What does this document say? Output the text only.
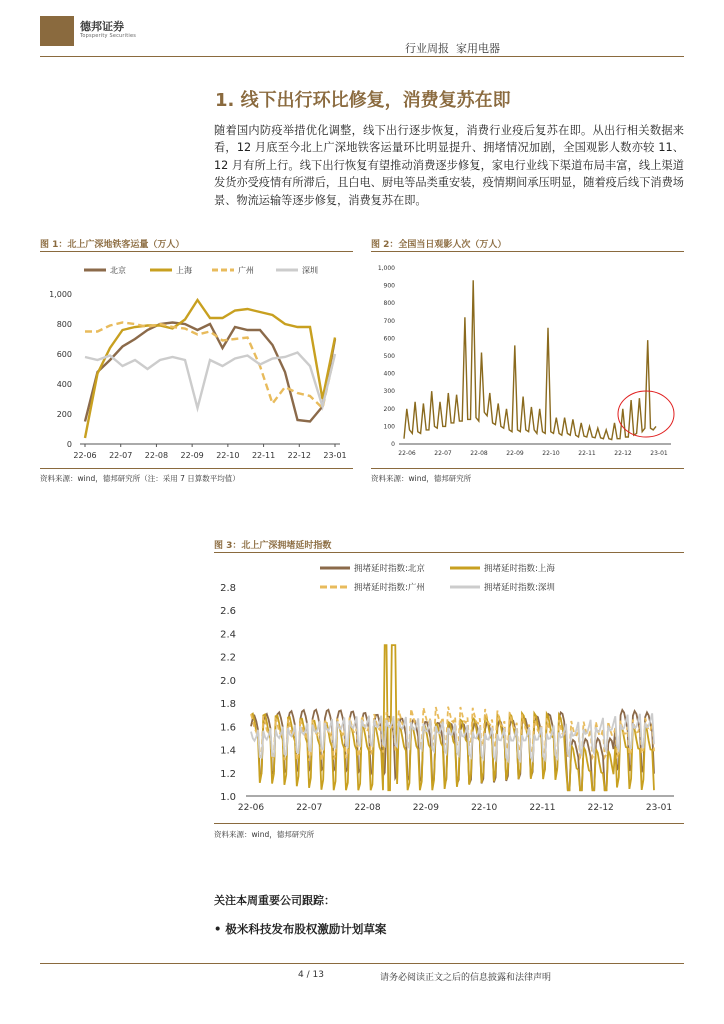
德邦证券
Topsperity Securities
行业周报 家用电器
1. 线下出行环比修复，消费复苏在即
随着国内防疫举措优化调整，线下出行逐步恢复，消费行业疫后复苏在即。从出行相关数据来看，12 月底至今北上广深地铁客运量环比明显提升、拥堵情况加剧，全国观影人数亦较 11、12 月有所上行。线下出行恢复有望推动消费逐步修复，家电行业线下渠道布局丰富，线上渠道发货亦受疫情有所滞后，且白电、厨电等品类重安装，疫情期间承压明显，随着疫后线下消费场景、物流运输等逐步修复，消费复苏在即。
图 1：北上广深地铁客运量（万人）
0
200
400
600
800
1,000
22-06 22-07 22-08 22-09 22-10 22-11 22-12 23-01
北京	上海	广州	深圳
资料来源：wind，德邦研究所（注：采用 7 日算数平均值）
图 2：全国当日观影人次（万人）
0
100
200
300
400
500
600
700
800
900
1,000
22-06	22-07	22-08	22-09	22-10	22-11	22-12	23-01
资料来源：wind，德邦研究所
图 3：北上广深拥堵延时指数
1.0
1.2
1.4
1.6
1.8
2.0
2.2
2.4
2.6
2.8
22-06	22-07	22-08	22-09	22-10	22-11	22-12	23-01
拥堵延时指数:北京	拥堵延时指数:上海
拥堵延时指数:广州	拥堵延时指数:深圳
资料来源：wind，德邦研究所
关注本周重要公司跟踪：
• 极米科技发布股权激励计划草案
4 / 13	请务必阅读正文之后的信息披露和法律声明
